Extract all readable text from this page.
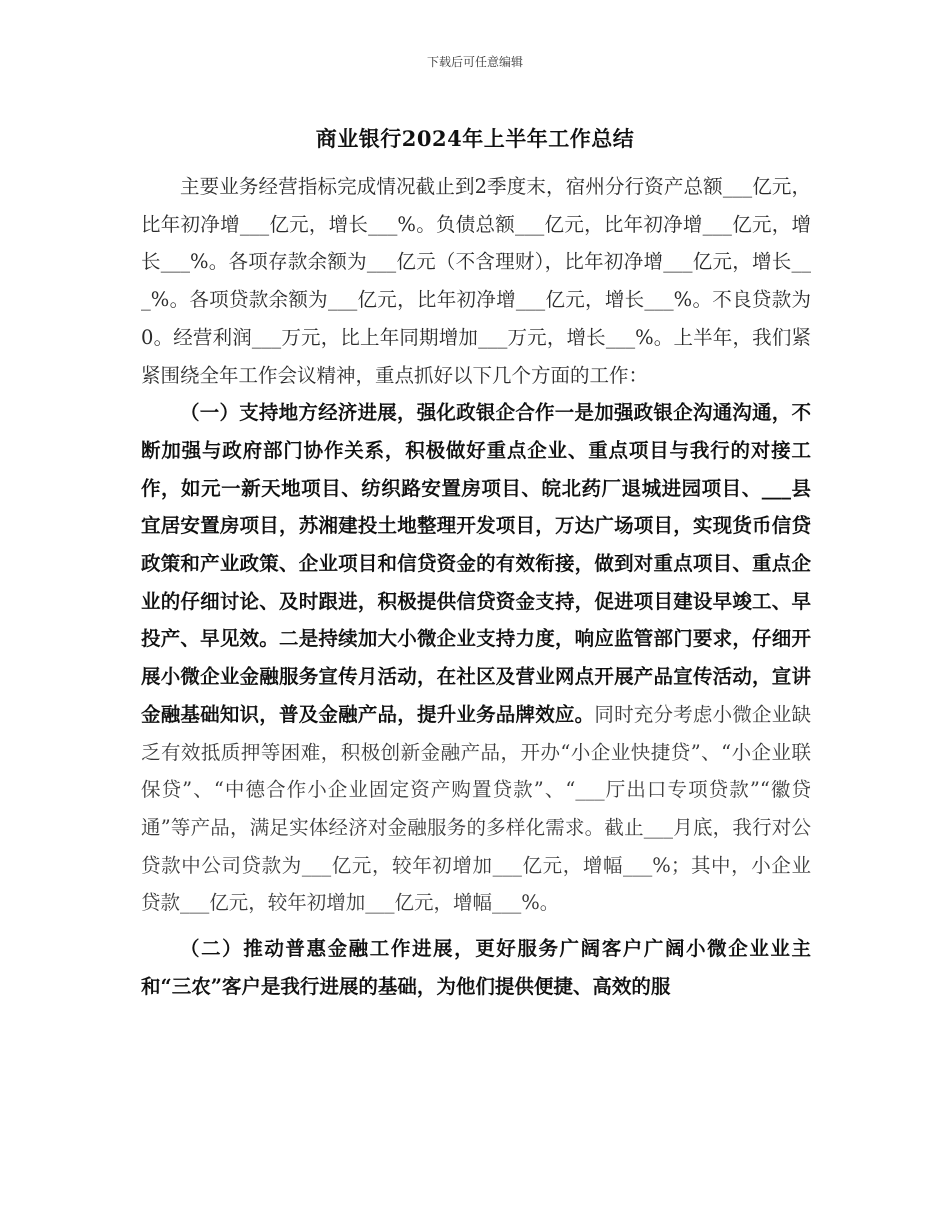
下载后可任意编辑
商业银行2024年上半年工作总结

主要业务经营指标完成情况截止到2季度末，宿州分行资产总额___亿元，比年初净增___亿元，增长___%。负债总额___亿元，比年初净增___亿元，增长___%。各项存款余额为___亿元（不含理财），比年初净增___亿元，增长___%。各项贷款余额为___亿元，比年初净增___亿元，增长___%。不良贷款为0。经营利润___万元，比上年同期增加___万元，增长___%。上半年，我们紧紧围绕全年工作会议精神，重点抓好以下几个方面的工作：

（一）支持地方经济进展，强化政银企合作一是加强政银企沟通沟通，不断加强与政府部门协作关系，积极做好重点企业、重点项目与我行的对接工作，如元一新天地项目、纺织路安置房项目、皖北药厂退城进园项目、___县宜居安置房项目，苏湘建投土地整理开发项目，万达广场项目，实现货币信贷政策和产业政策、企业项目和信贷资金的有效衔接，做到对重点项目、重点企业的仔细讨论、及时跟进，积极提供信贷资金支持，促进项目建设早竣工、早投产、早见效。二是持续加大小微企业支持力度，响应监管部门要求，仔细开展小微企业金融服务宣传月活动，在社区及营业网点开展产品宣传活动，宣讲金融基础知识，普及金融产品，提升业务品牌效应。同时充分考虑小微企业缺乏有效抵质押等困难，积极创新金融产品，开办“小企业快捷贷”、“小企业联保贷”、“中德合作小企业固定资产购置贷款”、“___厅出口专项贷款”“徽贷通”等产品，满足实体经济对金融服务的多样化需求。截止___月底，我行对公贷款中公司贷款为___亿元，较年初增加___亿元，增幅___%；其中，小企业贷款___亿元，较年初增加___亿元，增幅___%。

（二）推动普惠金融工作进展，更好服务广阔客户广阔小微企业业主和“三农”客户是我行进展的基础，为他们提供便捷、高效的服
